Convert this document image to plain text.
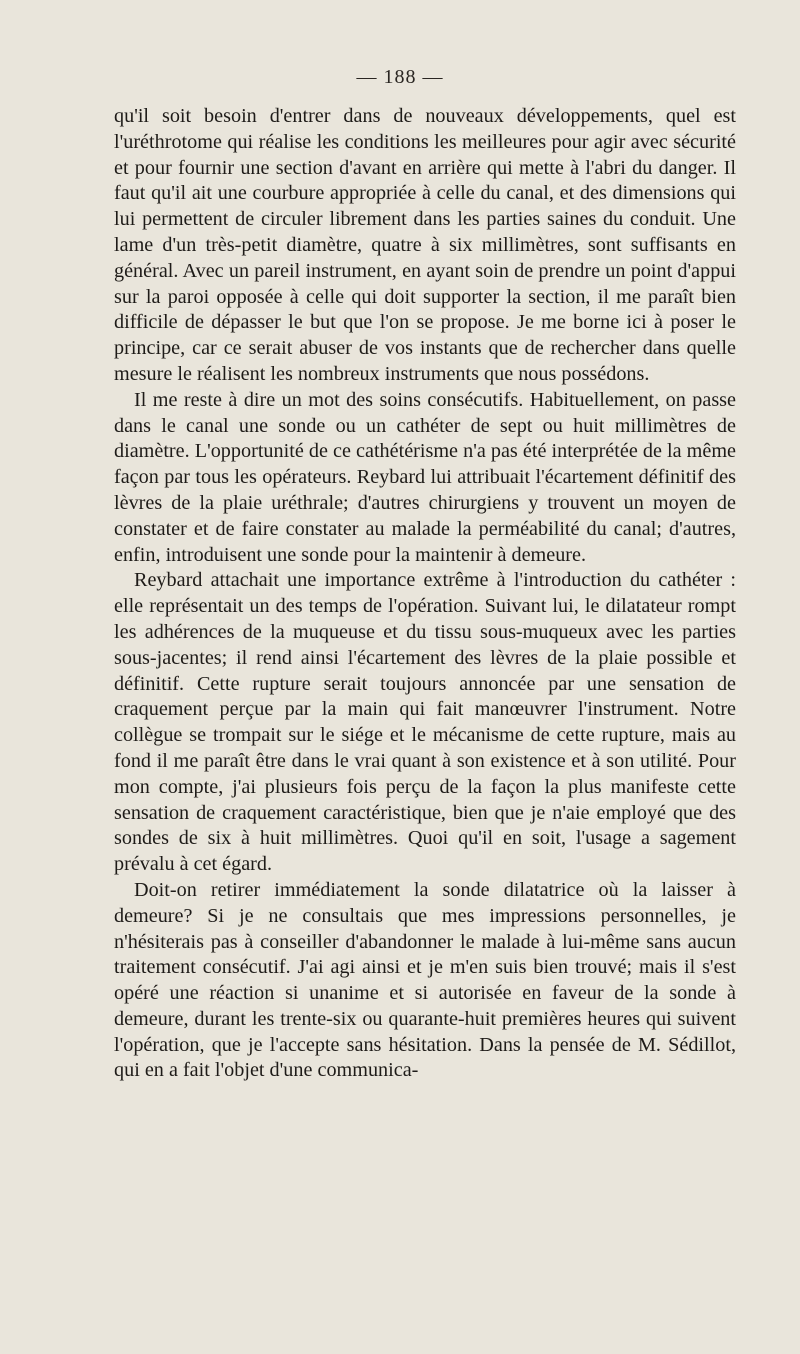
— 188 —

qu'il soit besoin d'entrer dans de nouveaux développements, quel est l'uréthrotome qui réalise les conditions les meilleures pour agir avec sécurité et pour fournir une section d'avant en arrière qui mette à l'abri du danger. Il faut qu'il ait une courbure appropriée à celle du canal, et des dimensions qui lui permettent de circuler librement dans les parties saines du conduit. Une lame d'un très-petit diamètre, quatre à six millimètres, sont suffisants en général. Avec un pareil instrument, en ayant soin de prendre un point d'appui sur la paroi opposée à celle qui doit supporter la section, il me paraît bien difficile de dépasser le but que l'on se propose. Je me borne ici à poser le principe, car ce serait abuser de vos instants que de rechercher dans quelle mesure le réalisent les nombreux instruments que nous possédons.

Il me reste à dire un mot des soins consécutifs. Habituellement, on passe dans le canal une sonde ou un cathéter de sept ou huit millimètres de diamètre. L'opportunité de ce cathétérisme n'a pas été interprétée de la même façon par tous les opérateurs. Reybard lui attribuait l'écartement définitif des lèvres de la plaie uréthrale; d'autres chirurgiens y trouvent un moyen de constater et de faire constater au malade la perméabilité du canal; d'autres, enfin, introduisent une sonde pour la maintenir à demeure.

Reybard attachait une importance extrême à l'introduction du cathéter : elle représentait un des temps de l'opération. Suivant lui, le dilatateur rompt les adhérences de la muqueuse et du tissu sous-muqueux avec les parties sous-jacentes; il rend ainsi l'écartement des lèvres de la plaie possible et définitif. Cette rupture serait toujours annoncée par une sensation de craquement perçue par la main qui fait manœuvrer l'instrument. Notre collègue se trompait sur le siége et le mécanisme de cette rupture, mais au fond il me paraît être dans le vrai quant à son existence et à son utilité. Pour mon compte, j'ai plusieurs fois perçu de la façon la plus manifeste cette sensation de craquement caractéristique, bien que je n'aie employé que des sondes de six à huit millimètres. Quoi qu'il en soit, l'usage a sagement prévalu à cet égard.

Doit-on retirer immédiatement la sonde dilatatrice où la laisser à demeure? Si je ne consultais que mes impressions personnelles, je n'hésiterais pas à conseiller d'abandonner le malade à lui-même sans aucun traitement consécutif. J'ai agi ainsi et je m'en suis bien trouvé; mais il s'est opéré une réaction si unanime et si autorisée en faveur de la sonde à demeure, durant les trente-six ou quarante-huit premières heures qui suivent l'opération, que je l'accepte sans hésitation. Dans la pensée de M. Sédillot, qui en a fait l'objet d'une communica-
